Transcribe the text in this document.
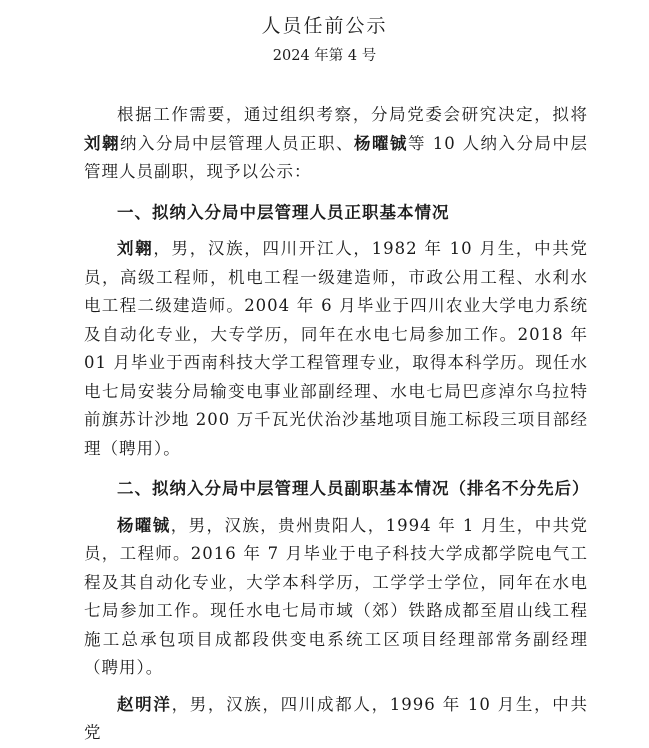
人员任前公示
2024 年第 4 号

根据工作需要，通过组织考察，分局党委会研究决定，拟将刘翱纳入分局中层管理人员正职、杨曜铖等 10 人纳入分局中层管理人员副职，现予以公示：

一、拟纳入分局中层管理人员正职基本情况

刘翱，男，汉族，四川开江人，1982 年 10 月生，中共党员，高级工程师，机电工程一级建造师，市政公用工程、水利水电工程二级建造师。2004 年 6 月毕业于四川农业大学电力系统及自动化专业，大专学历，同年在水电七局参加工作。2018 年 01 月毕业于西南科技大学工程管理专业，取得本科学历。现任水电七局安装分局输变电事业部副经理、水电七局巴彦淖尔乌拉特前旗苏计沙地 200 万千瓦光伏治沙基地项目施工标段三项目部经理（聘用）。

二、拟纳入分局中层管理人员副职基本情况（排名不分先后）

杨曜铖，男，汉族，贵州贵阳人，1994 年 1 月生，中共党员，工程师。2016 年 7 月毕业于电子科技大学成都学院电气工程及其自动化专业，大学本科学历，工学学士学位，同年在水电七局参加工作。现任水电七局市域（郊）铁路成都至眉山线工程施工总承包项目成都段供变电系统工区项目经理部常务副经理（聘用）。

赵明洋，男，汉族，四川成都人，1996 年 10 月生，中共党
